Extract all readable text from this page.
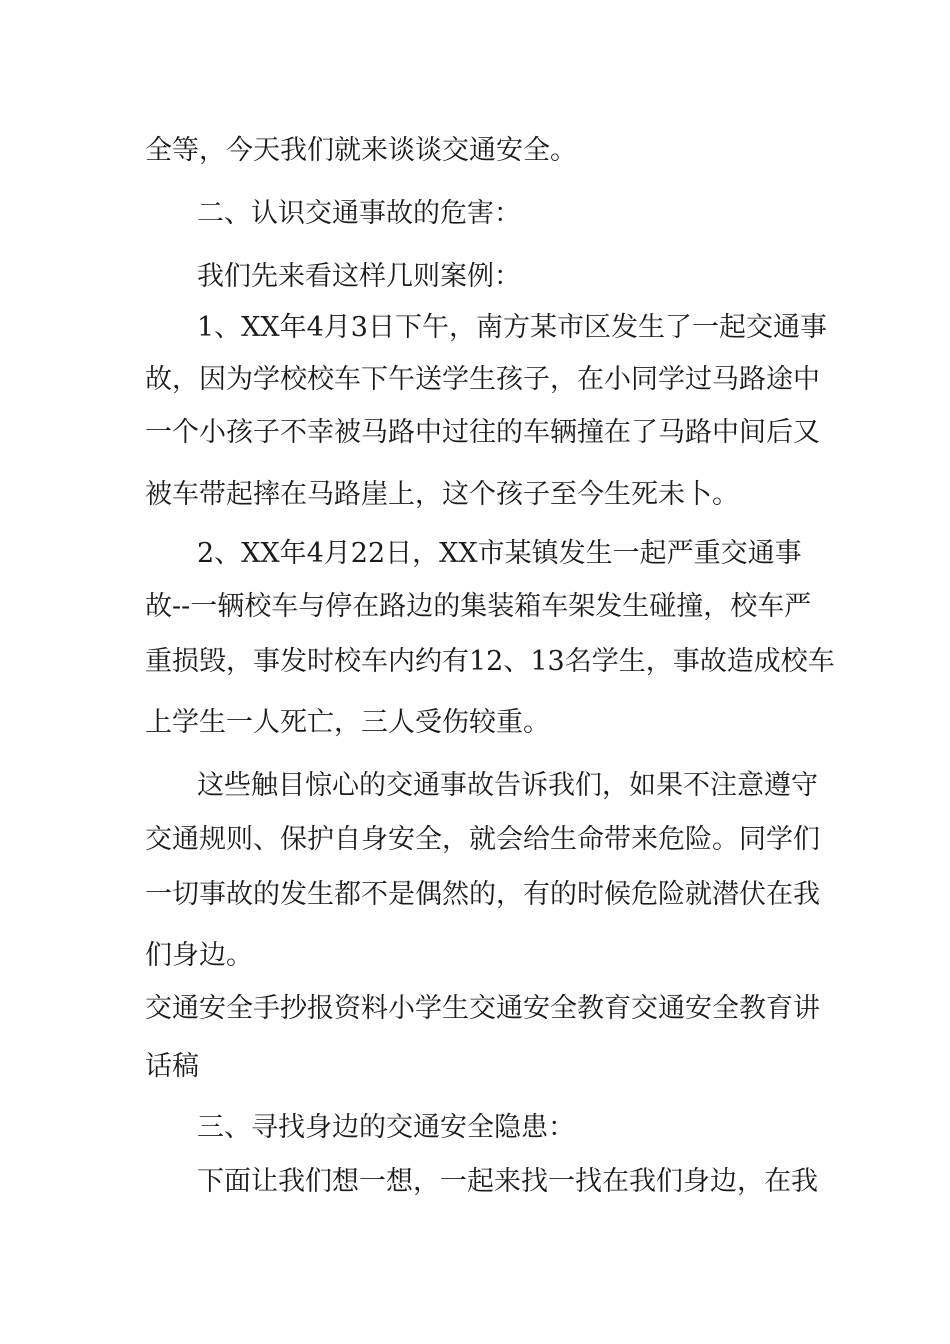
全等，今天我们就来谈谈交通安全。
二、认识交通事故的危害：
我们先来看这样几则案例：
1、XX年4月3日下午，南方某市区发生了一起交通事
故，因为学校校车下午送学生孩子，在小同学过马路途中
一个小孩子不幸被马路中过往的车辆撞在了马路中间后又
被车带起摔在马路崖上，这个孩子至今生死未卜。
2、XX年4月22日，XX市某镇发生一起严重交通事
故--一辆校车与停在路边的集装箱车架发生碰撞，校车严
重损毁，事发时校车内约有12、13名学生，事故造成校车
上学生一人死亡，三人受伤较重。
这些触目惊心的交通事故告诉我们，如果不注意遵守
交通规则、保护自身安全，就会给生命带来危险。同学们
一切事故的发生都不是偶然的，有的时候危险就潜伏在我
们身边。
交通安全手抄报资料小学生交通安全教育交通安全教育讲
话稿
三、寻找身边的交通安全隐患：
下面让我们想一想，一起来找一找在我们身边，在我
